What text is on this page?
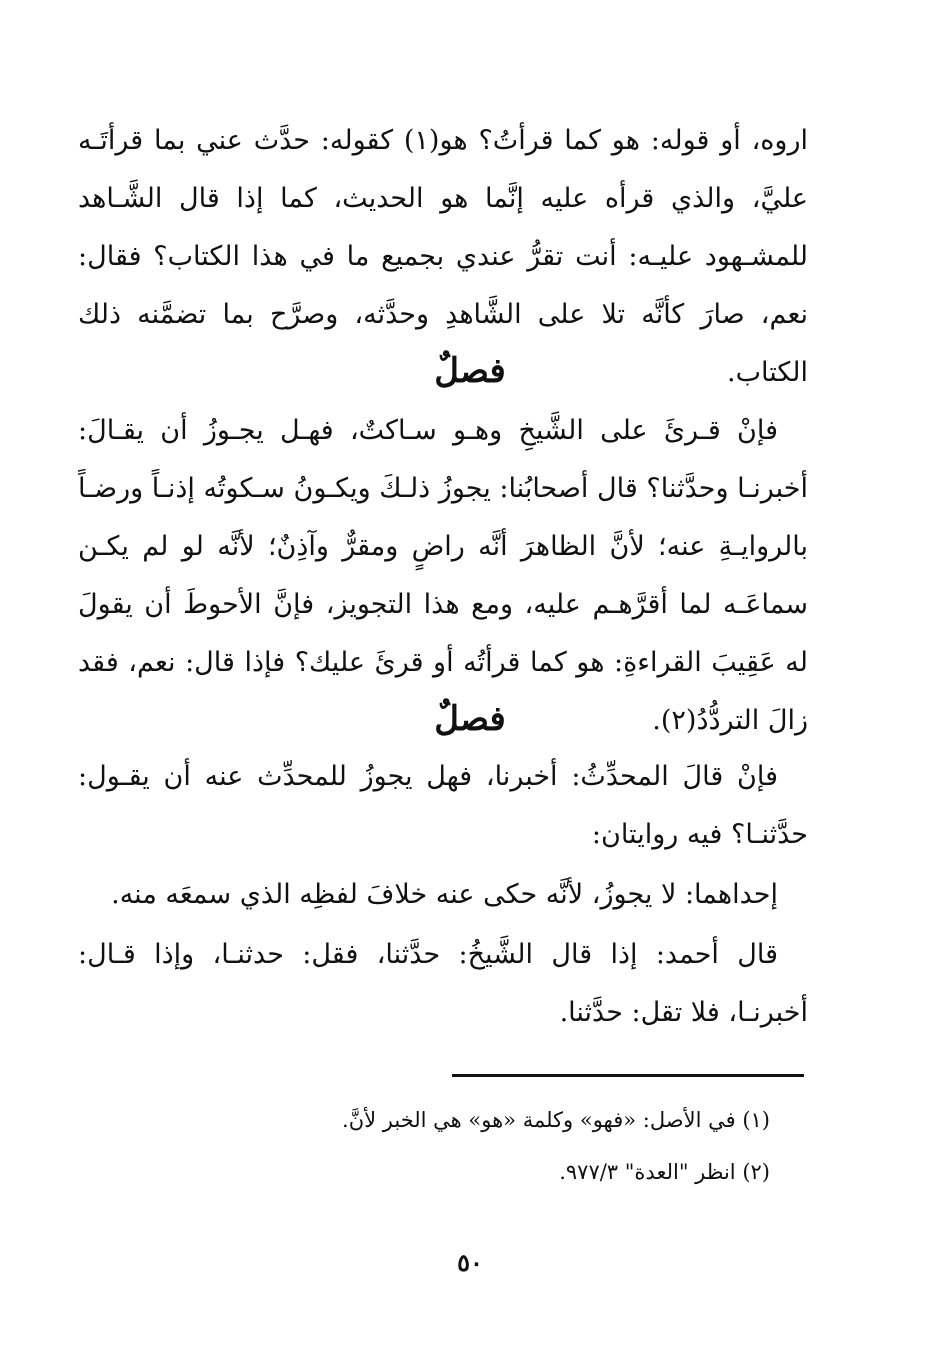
اروه، أو قوله: هو كما قرأتُ؟ هو(١) كقوله: حدَّث عني بما قرأتَـه عليَّ، والذي قرأه عليه إنَّما هو الحديث، كما إذا قال الشَّـاهد للمشـهود عليـه: أنت تقرُّ عندي بجميع ما في هذا الكتاب؟ فقال: نعم، صارَ كأنَّه تلا على الشَّاهدِ وحدَّثه، وصرَّح بما تضمَّنه ذلك الكتاب.

فصلٌ

فإنْ قـرئَ على الشَّيخِ وهـو سـاكتٌ، فهـل يجـوزُ أن يقـالَ: أخبرنـا وحدَّثنا؟ قال أصحابُنا: يجوزُ ذلـكَ ويكـونُ سـكوتُه إذنـاً ورضـاً بالروايـةِ عنه؛ لأنَّ الظاهرَ أنَّه راضٍ ومقرٌّ وآذِنٌ؛ لأنَّه لو لم يكـن سماعَـه لما أقرَّهـم عليه، ومع هذا التجويز، فإنَّ الأحوطَ أن يقولَ له عَقِيبَ القراءةِ: هو كما قرأتُه أو قرئَ عليك؟ فإذا قال: نعم، فقد زالَ التردُّدُ(٢).

فصلٌ

فإنْ قالَ المحدِّثُ: أخبرنا، فهل يجوزُ للمحدِّث عنه أن يقـول: حدَّثنـا؟ فيه روايتان:

إحداهما: لا يجوزُ، لأنَّه حكى عنه خلافَ لفظِه الذي سمعَه منه.

قال أحمد: إذا قال الشَّيخُ: حدَّثنا، فقل: حدثنـا، وإذا قـال: أخبرنـا، فلا تقل: حدَّثنا.

(١) في الأصل: «فهو» وكلمة «هو» هي الخبر لأنَّ.

(٢) انظر "العدة" ٩٧٧/٣.

٥٠
